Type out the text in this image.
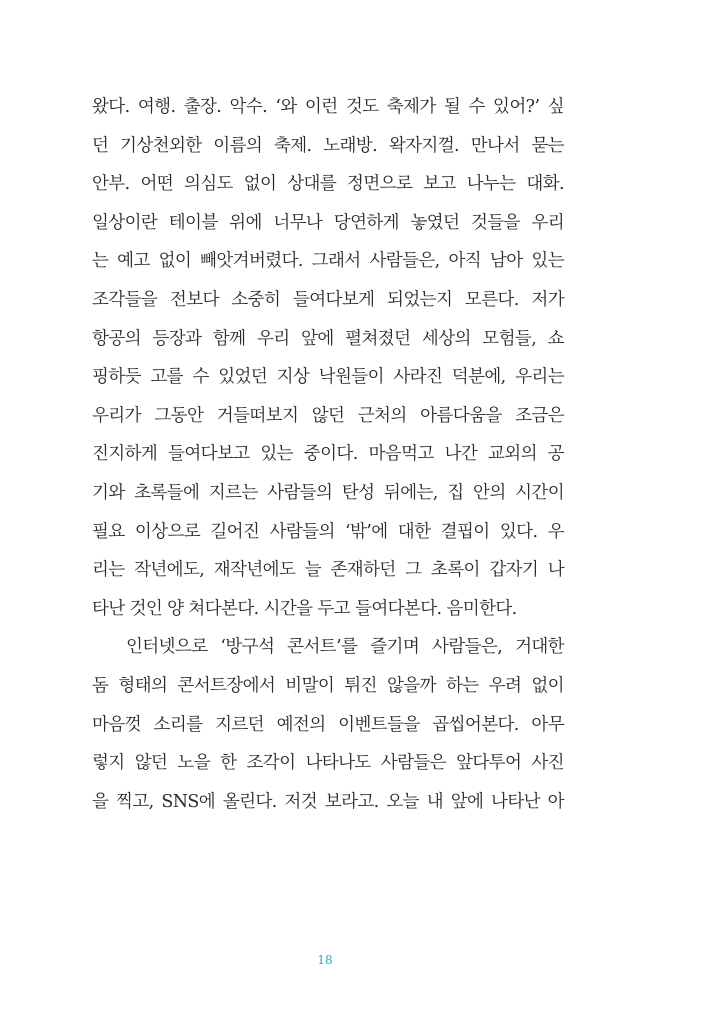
왔다. 여행. 출장. 악수. ‘와 이런 것도 축제가 될 수 있어?’ 싶
던 기상천외한 이름의 축제. 노래방. 왁자지껄. 만나서 묻는
안부. 어떤 의심도 없이 상대를 정면으로 보고 나누는 대화.
일상이란 테이블 위에 너무나 당연하게 놓였던 것들을 우리
는 예고 없이 빼앗겨버렸다. 그래서 사람들은, 아직 남아 있는
조각들을 전보다 소중히 들여다보게 되었는지 모른다. 저가
항공의 등장과 함께 우리 앞에 펼쳐졌던 세상의 모험들, 쇼
핑하듯 고를 수 있었던 지상 낙원들이 사라진 덕분에, 우리는
우리가 그동안 거들떠보지 않던 근처의 아름다움을 조금은
진지하게 들여다보고 있는 중이다. 마음먹고 나간 교외의 공
기와 초록들에 지르는 사람들의 탄성 뒤에는, 집 안의 시간이
필요 이상으로 길어진 사람들의 ‘밖’에 대한 결핍이 있다. 우
리는 작년에도, 재작년에도 늘 존재하던 그 초록이 갑자기 나
타난 것인 양 쳐다본다. 시간을 두고 들여다본다. 음미한다.
인터넷으로 ‘방구석 콘서트’를 즐기며 사람들은, 거대한
돔 형태의 콘서트장에서 비말이 튀진 않을까 하는 우려 없이
마음껏 소리를 지르던 예전의 이벤트들을 곱씹어본다. 아무
렇지 않던 노을 한 조각이 나타나도 사람들은 앞다투어 사진
을 찍고, SNS에 올린다. 저것 보라고. 오늘 내 앞에 나타난 아
18
